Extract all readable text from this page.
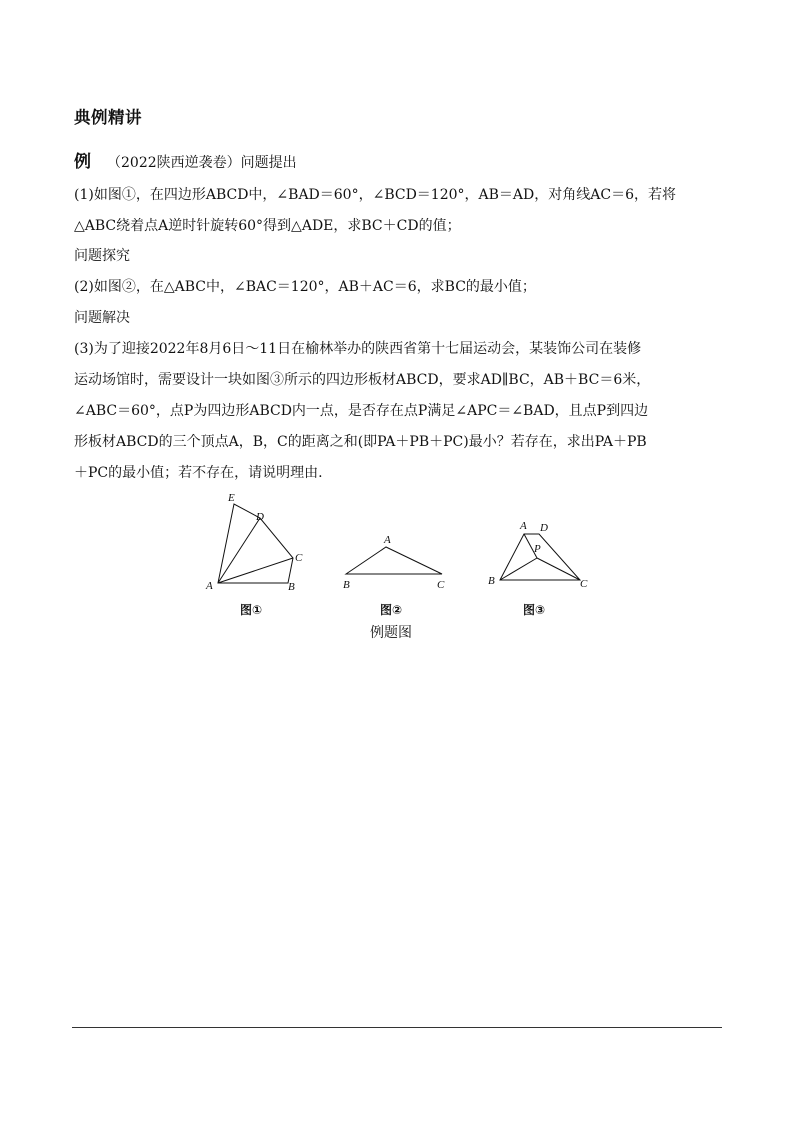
典例精讲
例 （2022陕西逆袭卷）问题提出
(1)如图①，在四边形ABCD中，∠BAD＝60°，∠BCD＝120°，AB＝AD，对角线AC＝6，若将
△ABC绕着点A逆时针旋转60°得到△ADE，求BC＋CD的值；
问题探究
(2)如图②，在△ABC中，∠BAC＝120°，AB＋AC＝6，求BC的最小值；
问题解决
(3)为了迎接2022年8月6日～11日在榆林举办的陕西省第十七届运动会，某装饰公司在装修
运动场馆时，需要设计一块如图③所示的四边形板材ABCD，要求AD∥BC，AB＋BC＝6米，
∠ABC＝60°，点P为四边形ABCD内一点，是否存在点P满足∠APC＝∠BAD，且点P到四边
形板材ABCD的三个顶点A，B，C的距离之和(即PA＋PB＋PC)最小？若存在，求出PA＋PB
＋PC的最小值；若不存在，请说明理由.
E
D
C
A	B
A
B	C
A D
P
B	C
图①	图②	图③
例题图
